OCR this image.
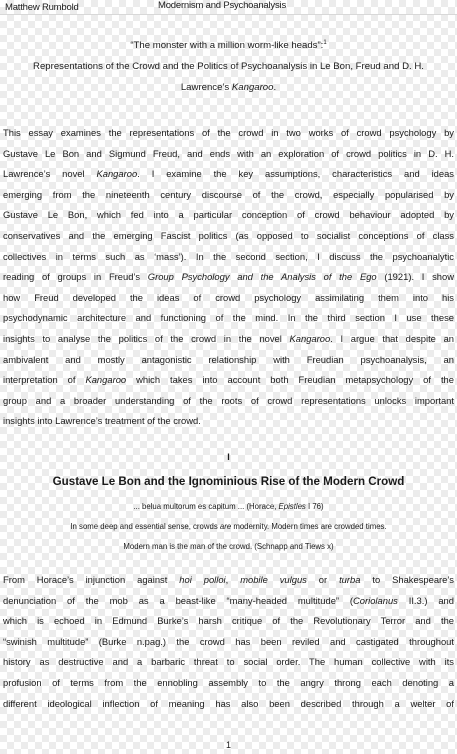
Matthew Rumbold	Modernism and Psychoanalysis
“The monster with a million worm-like heads”:$^1$
Representations of the Crowd and the Politics of Psychoanalysis in Le Bon, Freud and D. H.
Lawrence’s Kangaroo.
This essay examines the representations of the crowd in two works of crowd psychology by
Gustave Le Bon and Sigmund Freud, and ends with an exploration of crowd politics in D. H.
Lawrence’s novel Kangaroo. I examine the key assumptions, characteristics and ideas
emerging from the nineteenth century discourse of the crowd, especially popularised by
Gustave Le Bon, which fed into a particular conception of crowd behaviour adopted by
conservatives and the emerging Fascist politics (as opposed to socialist conceptions of class
collectives in terms such as ‘mass’). In the second section, I discuss the psychoanalytic
reading of groups in Freud’s Group Psychology and the Analysis of the Ego (1921). I show
how Freud developed the ideas of crowd psychology assimilating them into his
psychodynamic architecture and functioning of the mind. In the third section I use these
insights to analyse the politics of the crowd in the novel Kangaroo. I argue that despite an
ambivalent and mostly antagonistic relationship with Freudian psychoanalysis, an
interpretation of Kangaroo which takes into account both Freudian metapsychology of the
group and a broader understanding of the roots of crowd representations unlocks important
insights into Lawrence’s treatment of the crowd.
I
Gustave Le Bon and the Ignominious Rise of the Modern Crowd
... belua multorum es capitum ... (Horace, Epistles I 76)
In some deep and essential sense, crowds are modernity. Modern times are crowded times.
Modern man is the man of the crowd. (Schnapp and Tiews x)
From Horace’s injunction against hoi polloi, mobile vulgus or turba to Shakespeare’s
denunciation of the mob as a beast-like “many-headed multitude” (Coriolanus II.3.) and
which is echoed in Edmund Burke’s harsh critique of the Revolutionary Terror and the
“swinish multitude” (Burke n.pag.) the crowd has been reviled and castigated throughout
history as destructive and a barbaric threat to social order. The human collective with its
profusion of terms from the ennobling assembly to the angry throng each denoting a
different ideological inflection of meaning has also been described through a welter of
1
